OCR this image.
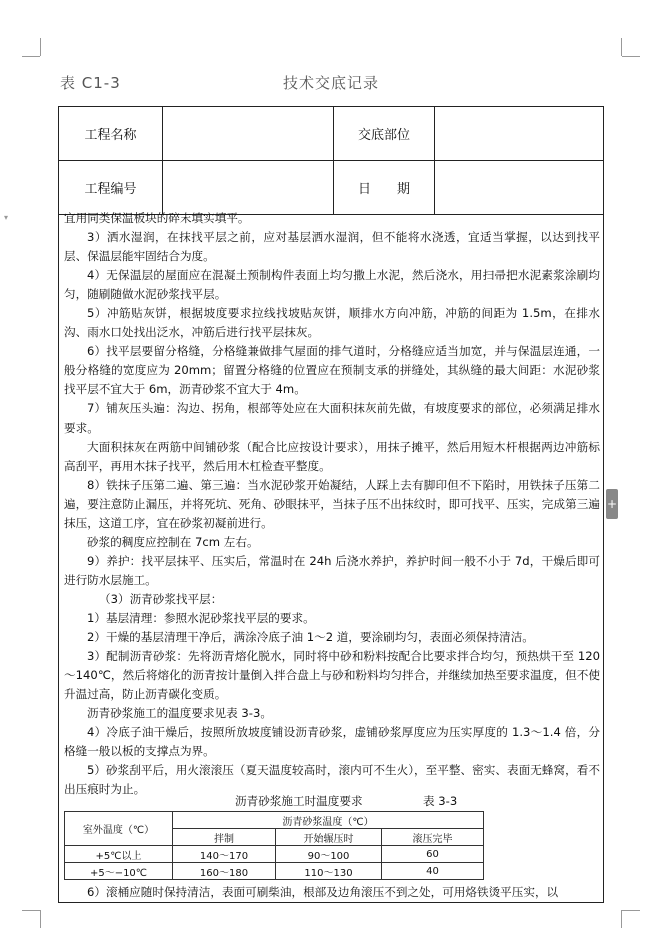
▾
表 C1-3	技术交底记录
工程名称		交底部位	
工程编号		日　　期	

宜用同类保温板块的碎末填实填平。

3）洒水湿润，在抹找平层之前，应对基层洒水湿润，但不能将水浇透，宜适当掌握，以达到找平层、保温层能牢固结合为度。

4）无保温层的屋面应在混凝土预制构件表面上均匀撒上水泥，然后浇水，用扫帚把水泥素浆涂刷均匀，随刷随做水泥砂浆找平层。

5）冲筋贴灰饼，根据坡度要求拉线找坡贴灰饼，顺排水方向冲筋，冲筋的间距为 1.5m，在排水沟、雨水口处找出泛水，冲筋后进行找平层抹灰。

6）找平层要留分格缝，分格缝兼做排气屋面的排气道时，分格缝应适当加宽，并与保温层连通，一般分格缝的宽度应为 20mm；留置分格缝的位置应在预制支承的拼缝处，其纵缝的最大间距：水泥砂浆找平层不宜大于 6m，沥青砂浆不宜大于 4m。

7）铺灰压头遍：沟边、拐角，根部等处应在大面积抹灰前先做，有坡度要求的部位，必须满足排水要求。

大面积抹灰在两筋中间铺砂浆（配合比应按设计要求），用抹子摊平，然后用短木杆根据两边冲筋标高刮平，再用木抹子找平，然后用木杠检查平整度。

8）铁抹子压第二遍、第三遍：当水泥砂浆开始凝结，人踩上去有脚印但不下陷时，用铁抹子压第二遍，要注意防止漏压，并将死坑、死角、砂眼抹平，当抹子压不出抹纹时，即可找平、压实，完成第三遍抹压，这道工序，宜在砂浆初凝前进行。

砂浆的稠度应控制在 7cm 左右。

9）养护：找平层抹平、压实后，常温时在 24h 后浇水养护，养护时间一般不小于 7d，干燥后即可进行防水层施工。

（3）沥青砂浆找平层：

1）基层清理：参照水泥砂浆找平层的要求。

2）干燥的基层清理干净后，满涂冷底子油 1～2 道，要涂刷均匀，表面必须保持清洁。

3）配制沥青砂浆：先将沥青熔化脱水，同时将中砂和粉料按配合比要求拌合均匀，预热烘干至 120～140℃，然后将熔化的沥青按计量倒入拌合盘上与砂和粉料均匀拌合，并继续加热至要求温度，但不使升温过高，防止沥青碳化变质。

沥青砂浆施工的温度要求见表 3-3。

4）冷底子油干燥后，按照所放坡度铺设沥青砂浆，虚铺砂浆厚度应为压实厚度的 1.3～1.4 倍，分格缝一般以板的支撑点为界。

5）砂浆刮平后，用火滚滚压（夏天温度较高时，滚内可不生火），至平整、密实、表面无蜂窝，看不出压痕时为止。

沥青砂浆施工时温度要求	表 3-3
室外温度（℃）	沥青砂浆温度（℃）		
	拌制	开始辗压时	滚压完毕
+5℃以上	140～170	90～100	60
+5～−10℃	160～180	110～130	40
6）滚桶应随时保持清洁，表面可刷柴油，根部及边角滚压不到之处，可用烙铁烫平压实，以
+
